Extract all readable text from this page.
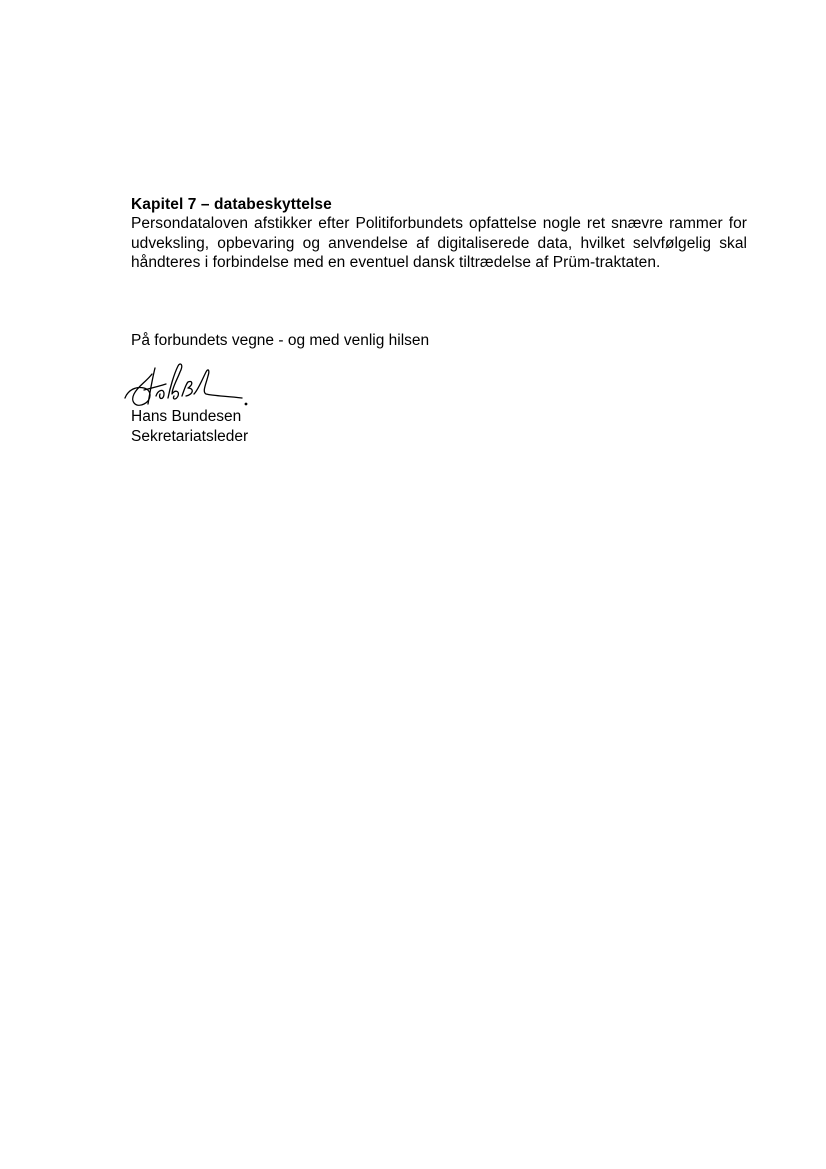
Kapitel 7 – databeskyttelse

Persondataloven afstikker efter Politiforbundets opfattelse nogle ret snævre rammer for udveksling, opbevaring og anvendelse af digitaliserede data, hvilket selvfølgelig skal håndteres i forbindelse med en eventuel dansk tiltrædelse af Prüm-traktaten.

På forbundets vegne - og med venlig hilsen

Hans Bundesen

Sekretariatsleder
